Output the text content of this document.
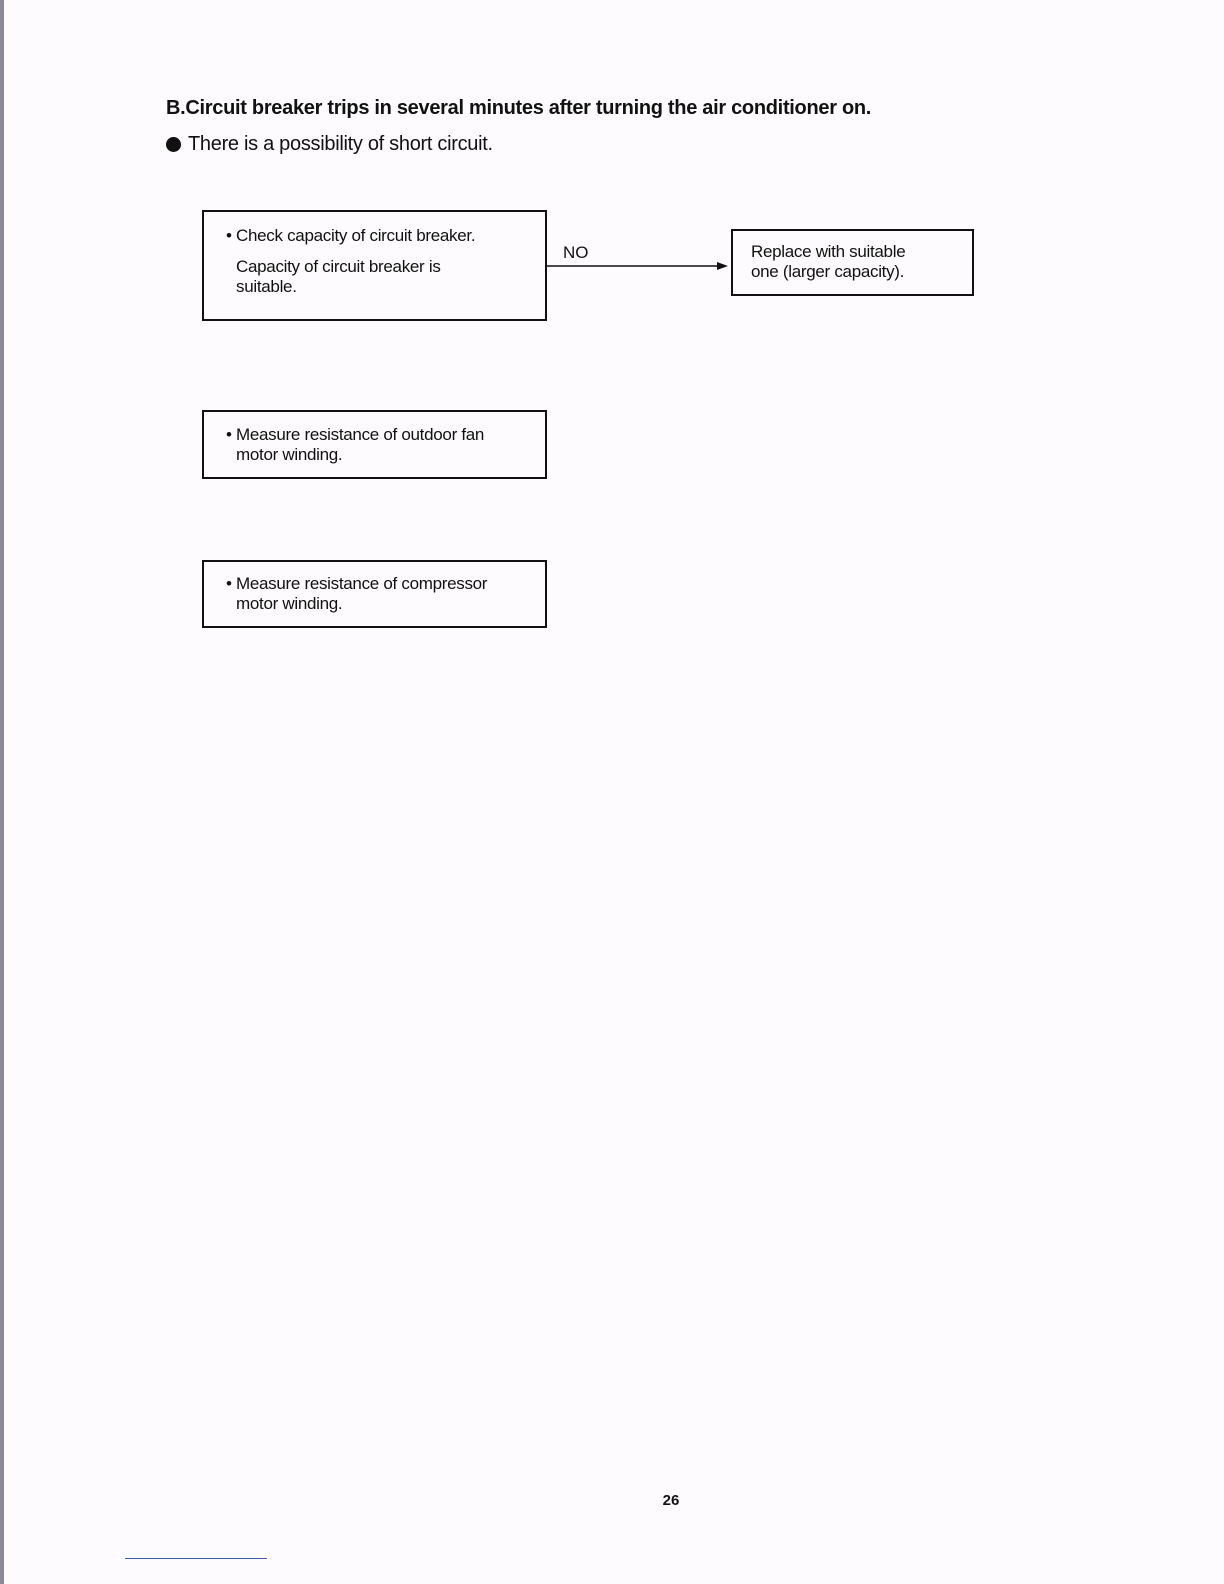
B.Circuit breaker trips in several minutes after turning the air conditioner on.
There is a possibility of short circuit.
• Check capacity of circuit breaker.
Capacity of circuit breaker is
suitable.
NO	Replace with suitable
one (larger capacity).
• Measure resistance of outdoor fan
motor winding.
• Measure resistance of compressor
motor winding.
26
